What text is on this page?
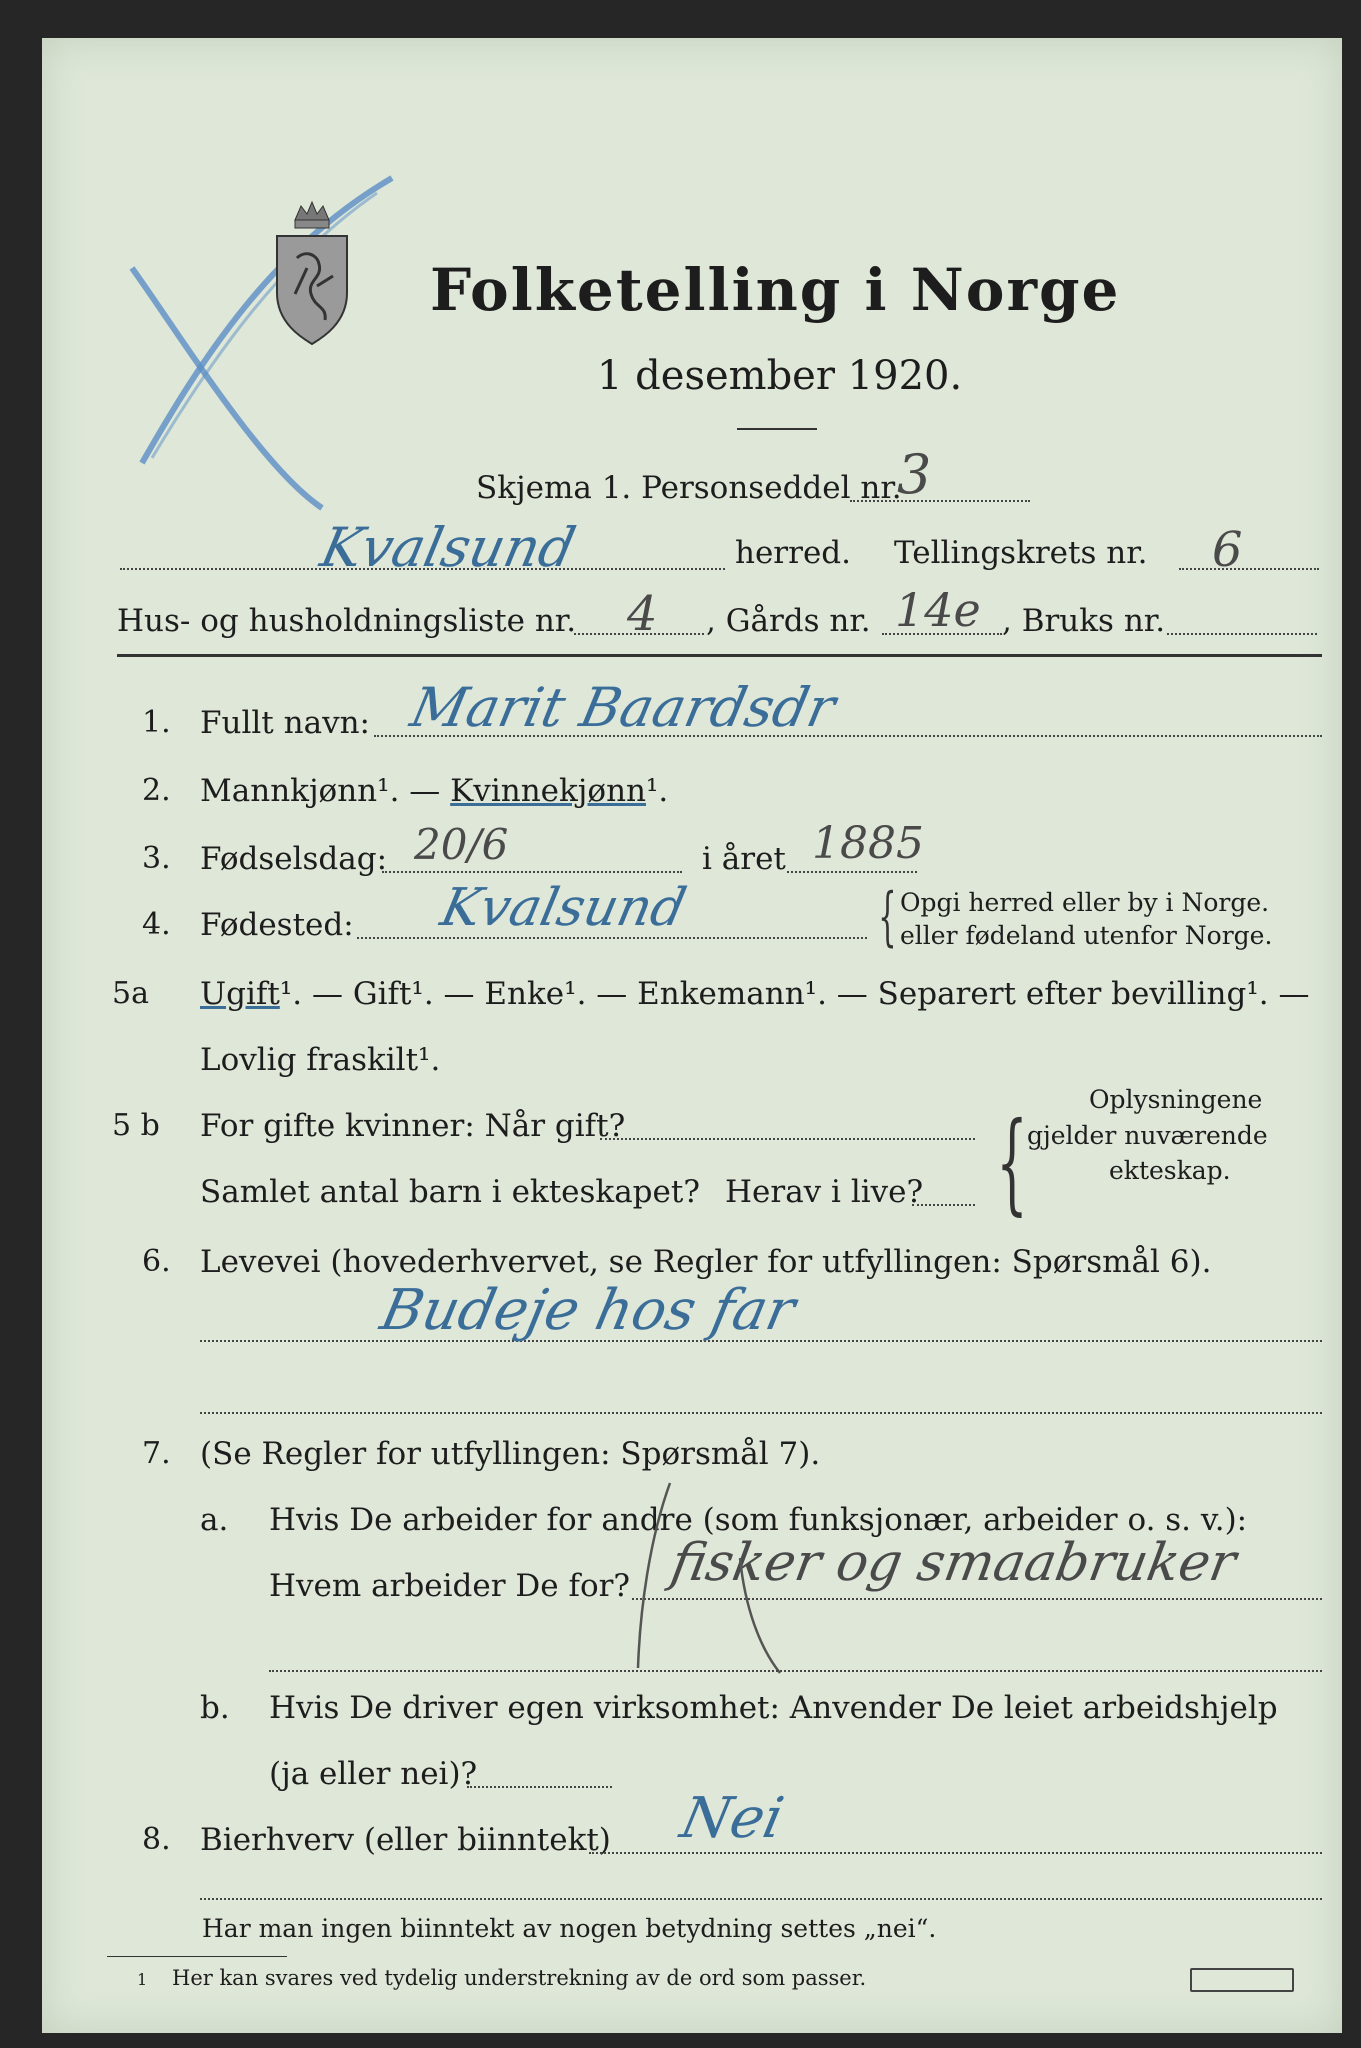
Folketelling i Norge
1 desember 1920.
Skjema 1. Personseddel nr.
3
Kvalsund	herred. Tellingskrets nr. 6
Hus- og husholdningsliste nr. 4 , Gårds nr. 14e , Bruks nr.
1. Fullt navn: Marit Baardsdr
2. Mannkjønn¹. — Kvinnekjønn¹.
3. Fødselsdag: 20/6	i året 1885
4. Fødested: Kvalsund	{ Opgi herred eller by i Norge.
eller fødeland utenfor Norge.
5a Ugift¹. — Gift¹. — Enke¹. — Enkemann¹. — Separert efter bevilling¹. —
Lovlig fraskilt¹.
5 b For gifte kvinner: Når gift?
Samlet antal barn i ekteskapet? Herav i live? { Oplysningene
gjelder nuværende
ekteskap.
6. Levevei (hovederhvervet, se Regler for utfyllingen: Spørsmål 6).
Budeje hos far
7. (Se Regler for utfyllingen: Spørsmål 7).
a. Hvis De arbeider for andre (som funksjonær, arbeider o. s. v.):
Hvem arbeider De for? fisker og smaabruker
b. Hvis De driver egen virksomhet: Anvender De leiet arbeidshjelp
(ja eller nei)?
8. Bierhverv (eller biinntekt) Nei
Har man ingen biinntekt av nogen betydning settes „nei“.
1 Her kan svares ved tydelig understrekning av de ord som passer.
